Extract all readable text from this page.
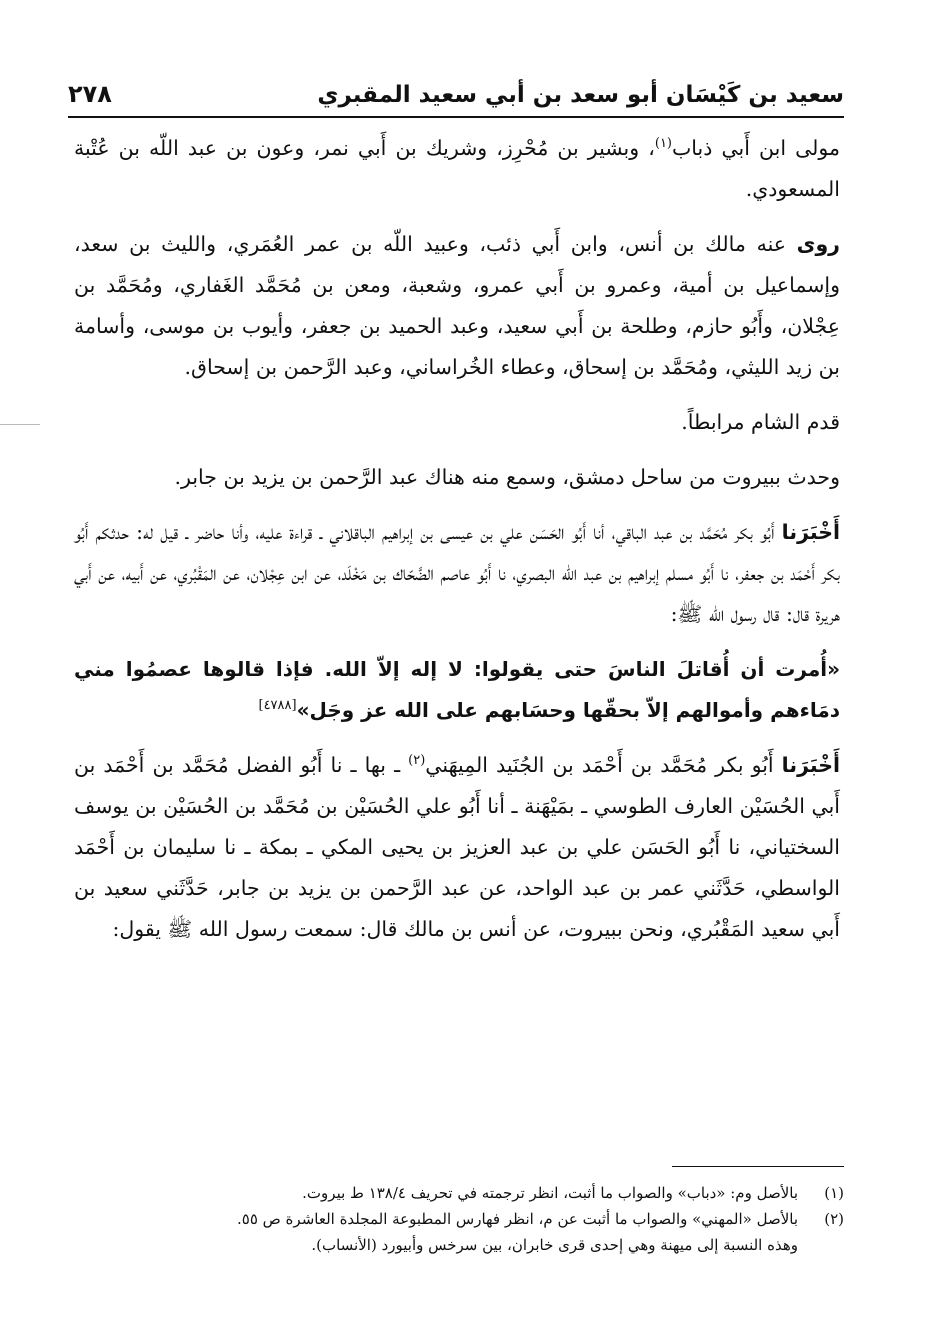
سعيد بن كَيْسَان أبو سعد بن أبي سعيد المقبري
٢٧٨

مولى ابن أَبي ذباب$^{(١)}$، وبشير بن مُحْرِز، وشريك بن أَبي نمر، وعون بن عبد اللّه بن عُتْبة المسعودي.

روى عنه مالك بن أنس، وابن أَبي ذئب، وعبيد اللّه بن عمر العُمَري، والليث بن سعد، وإسماعيل بن أمية، وعمرو بن أَبي عمرو، وشعبة، ومعن بن مُحَمَّد الغَفاري، ومُحَمَّد بن عِجْلان، وأَبُو حازم، وطلحة بن أَبي سعيد، وعبد الحميد بن جعفر، وأيوب بن موسى، وأسامة بن زيد الليثي، ومُحَمَّد بن إسحاق، وعطاء الخُراساني، وعبد الرَّحمن بن إسحاق.

قدم الشام مرابطاً.

وحدث ببيروت من ساحل دمشق، وسمع منه هناك عبد الرَّحمن بن يزيد بن جابر.

أَخْبَرَنا أَبُو بكر مُحَمَّد بن عبد الباقي، أنا أَبُو الحَسَن علي بن عيسى بن إبراهيم الباقلاني ـ قراءة عليه، وأنا حاضر ـ قيل له: حدثكم أَبُو بكر أَحْمَد بن جعفر، نا أَبُو مسلم إبراهيم بن عبد اللّه البصري، نا أَبُو عاصم الضَّحّاك بن مَخْلَد، عن ابن عِجْلان، عن المَقْبُري، عن أَبيه، عن أَبي هريرة قال: قال رسول الله ﷺ:

«أُمرت أن أُقاتلَ الناسَ حتى يقولوا: لا إله إلاّ الله. فإذا قالوها عصمُوا مني دمَاءهم وأموالهم إلاّ بحقّها وحسَابهم على الله عز وجَل»[٤٧٨٨]

أَخْبَرَنا أَبُو بكر مُحَمَّد بن أَحْمَد بن الجُنَيد المِيهَني$^{(٢)}$ ـ بها ـ نا أَبُو الفضل مُحَمَّد بن أَحْمَد بن أَبي الحُسَيْن العارف الطوسي ـ بمَيْهَنة ـ أنا أَبُو علي الحُسَيْن بن مُحَمَّد بن الحُسَيْن بن يوسف السختياني، نا أَبُو الحَسَن علي بن عبد العزيز بن يحيى المكي ـ بمكة ـ نا سليمان بن أَحْمَد الواسطي، حَدَّثَني عمر بن عبد الواحد، عن عبد الرَّحمن بن يزيد بن جابر، حَدَّثَني سعيد بن أَبي سعيد المَقْبُري، ونحن ببيروت، عن أنس بن مالك قال: سمعت رسول الله ﷺ يقول:

(١)
بالأصل وم: «دباب» والصواب ما أثبت، انظر ترجمته في تحريف ١٣٨/٤ ط بيروت.
(٢)
بالأصل «المهني» والصواب ما أثبت عن م، انظر فهارس المطبوعة المجلدة العاشرة ص ٥٥.
وهذه النسبة إلى ميهنة وهي إحدى قرى خابران، بين سرخس وأبيورد (الأنساب).
